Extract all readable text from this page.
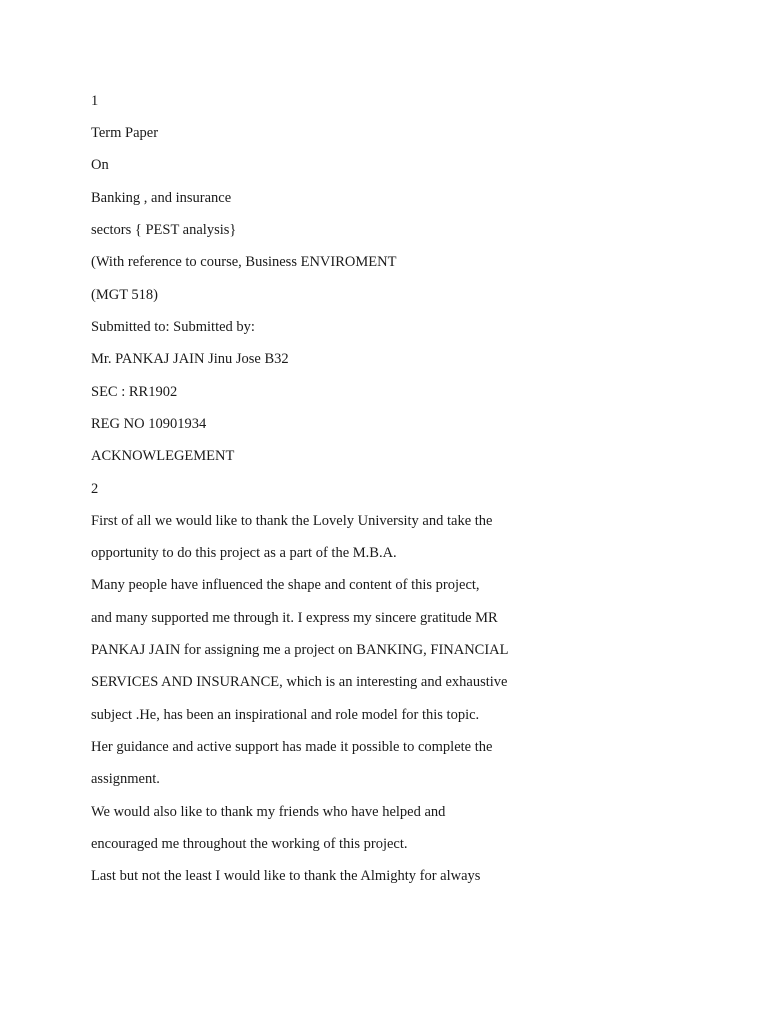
1
Term Paper
On
Banking , and insurance
sectors { PEST analysis}
(With reference to course, Business ENVIROMENT
(MGT 518)
Submitted to: Submitted by:
Mr. PANKAJ JAIN Jinu Jose B32
SEC : RR1902
REG NO 10901934
ACKNOWLEGEMENT
2
First of all we would like to thank the Lovely University and take the
opportunity to do this project as a part of the M.B.A.
Many people have influenced the shape and content of this project,
and many supported me through it. I express my sincere gratitude MR
PANKAJ JAIN for assigning me a project on BANKING, FINANCIAL
SERVICES AND INSURANCE, which is an interesting and exhaustive
subject .He, has been an inspirational and role model for this topic.
Her guidance and active support has made it possible to complete the
assignment.
We would also like to thank my friends who have helped and
encouraged me throughout the working of this project.
Last but not the least I would like to thank the Almighty for always
